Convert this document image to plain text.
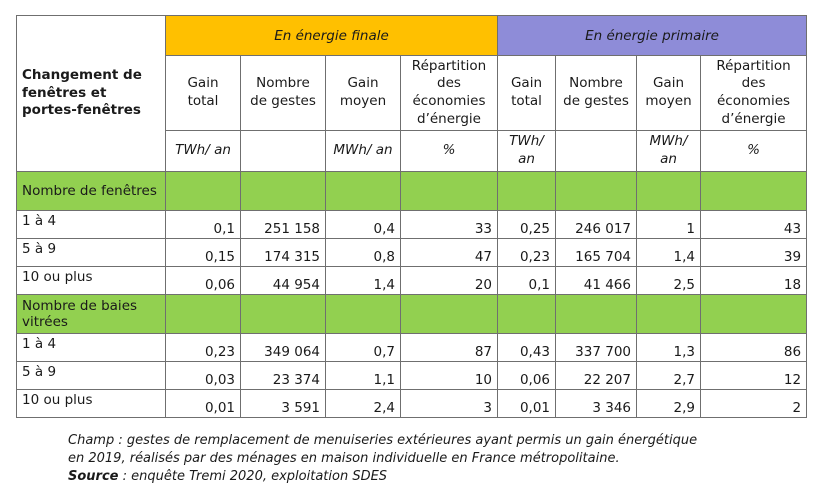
Changement de fenêtres et portes-fenêtres	En énergie finale				En énergie primaire			
	Gain total	Nombre de gestes	Gain moyen	Répartition des économies d’énergie	Gain total	Nombre de gestes	Gain moyen	Répartition des économies d’énergie
	TWh/ an		MWh/ an	%	TWh/ an		MWh/ an	%
Nombre de fenêtres								
1 à 4	0,1	251 158	0,4	33	0,25	246 017	1	43
5 à 9	0,15	174 315	0,8	47	0,23	165 704	1,4	39
10 ou plus	0,06	44 954	1,4	20	0,1	41 466	2,5	18
Nombre de baies vitrées								
1 à 4	0,23	349 064	0,7	87	0,43	337 700	1,3	86
5 à 9	0,03	23 374	1,1	10	0,06	22 207	2,7	12
10 ou plus	0,01	3 591	2,4	3	0,01	3 346	2,9	2
Champ : gestes de remplacement de menuiseries extérieures ayant permis un gain énergétique
en 2019, réalisés par des ménages en maison individuelle en France métropolitaine.
Source : enquête Tremi 2020, exploitation SDES
